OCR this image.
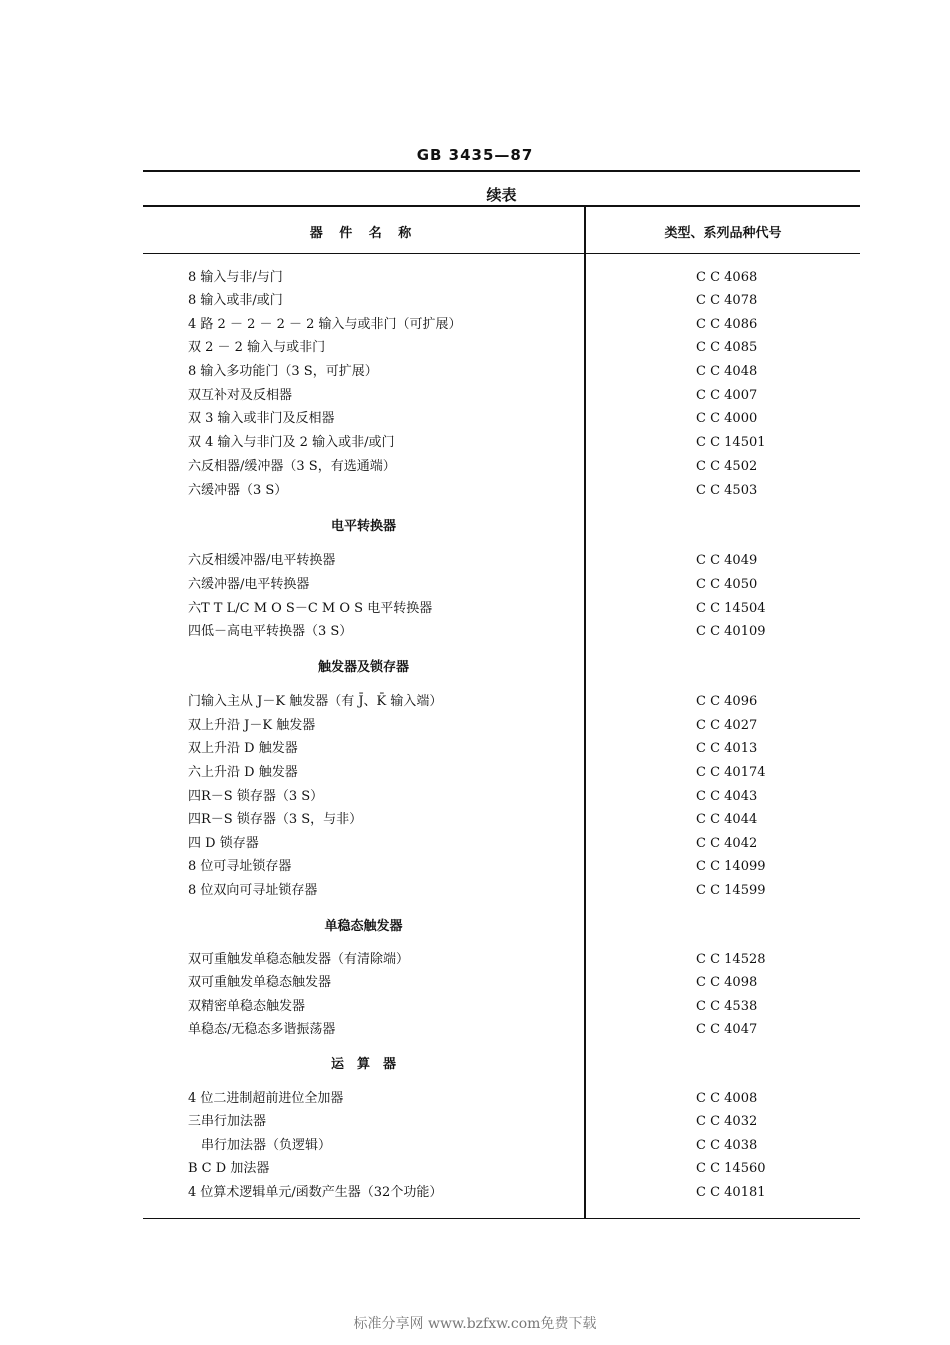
GB 3435—87
续表
器 件 名 称	类型、系列品种代号
8 输入与非/与门	C C 4068
8 输入或非/或门	C C 4078
4 路 2 － 2 － 2 － 2 输入与或非门（可扩展）	C C 4086
双 2 － 2 输入与或非门	C C 4085
8 输入多功能门（3 S，可扩展）	C C 4048
双互补对及反相器	C C 4007
双 3 输入或非门及反相器	C C 4000
双 4 输入与非门及 2 输入或非/或门	C C 14501
六反相器/缓冲器（3 S，有选通端）	C C 4502
六缓冲器（3 S）	C C 4503
电平转换器
六反相缓冲器/电平转换器	C C 4049
六缓冲器/电平转换器	C C 4050
六T T L/C M O S－C M O S 电平转换器	C C 14504
四低－高电平转换器（3 S）	C C 40109
触发器及锁存器
门输入主从 J－K 触发器（有 J̄、K̄ 输入端）	C C 4096
双上升沿 J－K 触发器	C C 4027
双上升沿 D 触发器	C C 4013
六上升沿 D 触发器	C C 40174
四R－S 锁存器（3 S）	C C 4043
四R－S 锁存器（3 S，与非）	C C 4044
四 D 锁存器	C C 4042
8 位可寻址锁存器	C C 14099
8 位双向可寻址锁存器	C C 14599
单稳态触发器
双可重触发单稳态触发器（有清除端）	C C 14528
双可重触发单稳态触发器	C C 4098
双精密单稳态触发器	C C 4538
单稳态/无稳态多谐振荡器	C C 4047
运　算　器
4 位二进制超前进位全加器	C C 4008
三串行加法器	C C 4032
　串行加法器（负逻辑）	C C 4038
B C D 加法器	C C 14560
4 位算术逻辑单元/函数产生器（32个功能）	C C 40181
标准分享网 www.bzfxw.com免费下载
